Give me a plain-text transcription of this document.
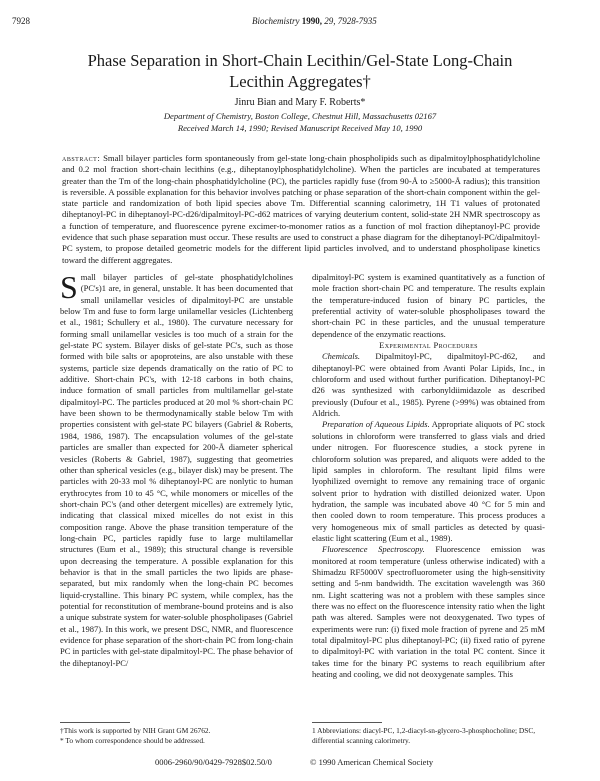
7928	Biochemistry 1990, 29, 7928-7935
Phase Separation in Short-Chain Lecithin/Gel-State Long-Chain Lecithin Aggregates†
Jinru Bian and Mary F. Roberts*
Department of Chemistry, Boston College, Chestnut Hill, Massachusetts 02167
Received March 14, 1990; Revised Manuscript Received May 10, 1990
abstract: Small bilayer particles form spontaneously from gel-state long-chain phospholipids such as dipalmitoylphosphatidylcholine and 0.2 mol fraction short-chain lecithins (e.g., diheptanoylphosphatidylcholine). When the particles are incubated at temperatures greater than the Tm of the long-chain phosphatidylcholine (PC), the particles rapidly fuse (from 90-Å to ≥5000-Å radius); this transition is reversible. A possible explanation for this behavior involves patching or phase separation of the short-chain component within the gel-state particle and randomization of both lipid species above Tm. Differential scanning calorimetry, 1H T1 values of protonated diheptanoyl-PC in diheptanoyl-PC-d26/dipalmitoyl-PC-d62 matrices of varying deuterium content, solid-state 2H NMR spectroscopy as a function of temperature, and fluorescence pyrene excimer-to-monomer ratios as a function of mol fraction diheptanoyl-PC provide evidence that such phase separation must occur. These results are used to construct a phase diagram for the diheptanoyl-PC/dipalmitoyl-PC system, to propose detailed geometric models for the different lipid particles involved, and to understand phospholipase kinetics toward the different aggregates.

Small bilayer particles of gel-state phosphatidylcholines (PC's)1 are, in general, unstable. It has been documented that small unilamellar vesicles of dipalmitoyl-PC are unstable below Tm and fuse to form large unilamellar vesicles (Lichtenberg et al., 1981; Schullery et al., 1980). The curvature necessary for forming small unilamellar vesicles is too much of a strain for the gel-state PC system. Bilayer disks of gel-state PC's, such as those formed with bile salts or apoproteins, are also unstable with these systems, particle size depends dramatically on the ratio of PC to additive. Short-chain PC's, with 12-18 carbons in both chains, induce formation of small particles from multilamellar gel-state dipalmitoyl-PC. The particles produced at 20 mol % short-chain PC have been shown to be thermodynamically stable below Tm with properties consistent with gel-state PC bilayers (Gabriel & Roberts, 1984, 1986, 1987). The encapsulation volumes of the gel-state particles are smaller than expected for 200-Å diameter spherical vesicles (Roberts & Gabriel, 1987), suggesting that geometries other than spherical vesicles (e.g., bilayer disk) may be present. The particles with 20-33 mol % diheptanoyl-PC are nonlytic to human erythrocytes from 10 to 45 °C, while monomers or micelles of the short-chain PC's (and other detergent micelles) are extremely lytic, indicating that classical mixed micelles do not exist in this composition range. Above the phase transition temperature of the long-chain PC, particles rapidly fuse to large multilamellar structures (Eum et al., 1989); this structural change is reversible upon decreasing the temperature. A possible explanation for this behavior is that in the small particles the two lipids are phase-separated, but mix randomly when the long-chain PC becomes liquid-crystalline. This binary PC system, while complex, has the potential for reconstitution of membrane-bound proteins and is also a unique substrate system for water-soluble phospholipases (Gabriel et al., 1987). In this work, we present DSC, NMR, and fluorescence evidence for phase separation of the short-chain PC from long-chain PC in particles with gel-state dipalmitoyl-PC. The phase behavior of the diheptanoyl-PC/

dipalmitoyl-PC system is examined quantitatively as a function of mole fraction short-chain PC and temperature. The results explain the temperature-induced fusion of binary PC particles, the preferential activity of water-soluble phospholipases toward the short-chain PC in these particles, and the unusual temperature dependence of the enzymatic reactions.

Experimental Procedures

Chemicals. Dipalmitoyl-PC, dipalmitoyl-PC-d62, and diheptanoyl-PC were obtained from Avanti Polar Lipids, Inc., in chloroform and used without further purification. Diheptanoyl-PC d26 was synthesized with carbonyldiimidazole as described previously (Dufour et al., 1985). Pyrene (>99%) was obtained from Aldrich.

Preparation of Aqueous Lipids. Appropriate aliquots of PC stock solutions in chloroform were transferred to glass vials and dried under nitrogen. For fluorescence studies, a stock pyrene in chloroform solution was prepared, and aliquots were added to the lipid samples in chloroform. The resultant lipid films were lyophilized overnight to remove any remaining trace of organic solvent prior to hydration with distilled deionized water. Upon hydration, the sample was incubated above 40 °C for 5 min and then cooled down to room temperature. This process produces a very homogeneous mix of small particles as detected by quasi-elastic light scattering (Eum et al., 1989).

Fluorescence Spectroscopy. Fluorescence emission was monitored at room temperature (unless otherwise indicated) with a Shimadzu RF5000V spectrofluorometer using the high-sensitivity setting and 5-nm bandwidth. The excitation wavelength was 360 nm. Light scattering was not a problem with these samples since there was no effect on the fluorescence intensity ratio when the light path was altered. Samples were not deoxygenated. Two types of experiments were run: (i) fixed mole fraction of pyrene and 25 mM total dipalmitoyl-PC plus diheptanoyl-PC; (ii) fixed ratio of pyrene to dipalmitoyl-PC with variation in the total PC content. Since it takes time for the binary PC systems to reach equilibrium after heating and cooling, we did not deoxygenate samples. This

†This work is supported by NIH Grant GM 26762.
* To whom correspondence should be addressed.
1 Abbreviations: diacyl-PC, 1,2-diacyl-sn-glycero-3-phosphocholine; DSC, differential scanning calorimetry.
0006-2960/90/0429-7928$02.50/0	© 1990 American Chemical Society
